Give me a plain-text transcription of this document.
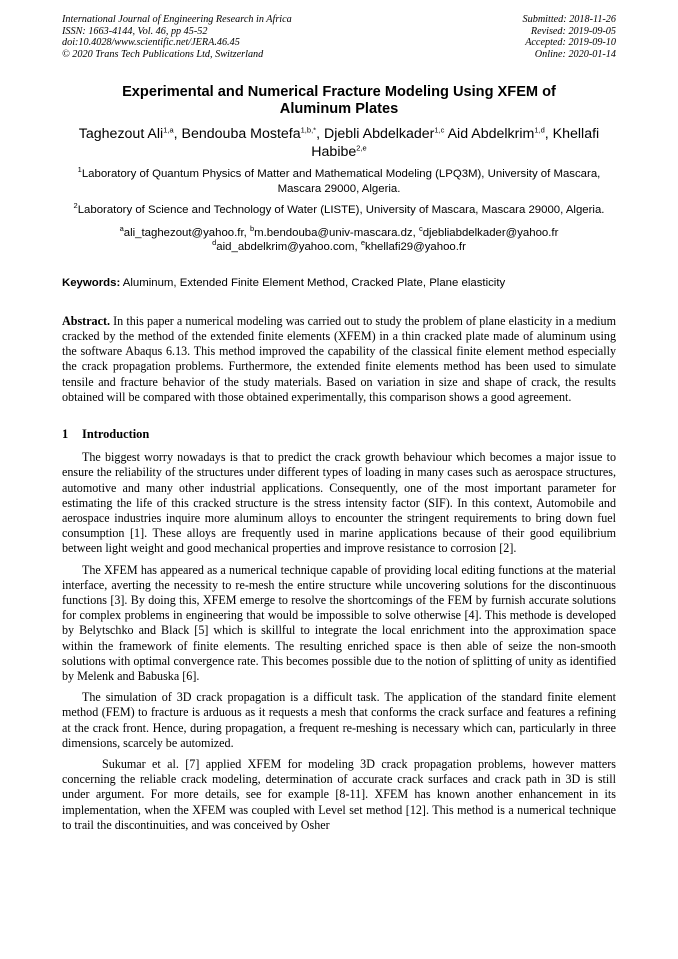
International Journal of Engineering Research in Africa
ISSN: 1663-4144, Vol. 46, pp 45-52
doi:10.4028/www.scientific.net/JERA.46.45
© 2020 Trans Tech Publications Ltd, Switzerland
Submitted: 2018-11-26
Revised: 2019-09-05
Accepted: 2019-09-10
Online: 2020-01-14
Experimental and Numerical Fracture Modeling Using XFEM of Aluminum Plates
Taghezout Ali$^{1,a}$, Bendouba Mostefa$^{1,b,*}$, Djebli Abdelkader$^{1,c}$ Aid Abdelkrim$^{1,d}$, Khellafi Habibe$^{2,e}$
$^1$Laboratory of Quantum Physics of Matter and Mathematical Modeling (LPQ3M), University of Mascara, Mascara 29000, Algeria.
$^2$Laboratory of Science and Technology of Water (LISTE), University of Mascara, Mascara 29000, Algeria.
$^a$ali_taghezout@yahoo.fr, $^b$m.bendouba@univ-mascara.dz, $^c$djebliabdelkader@yahoo.fr
$^d$aid_abdelkrim@yahoo.com, $^e$khellafi29@yahoo.fr
Keywords: Aluminum, Extended Finite Element Method, Cracked Plate, Plane elasticity
Abstract. In this paper a numerical modeling was carried out to study the problem of plane elasticity in a medium cracked by the method of the extended finite elements (XFEM) in a thin cracked plate made of aluminum using the software Abaqus 6.13. This method improved the capability of the classical finite element method especially the crack propagation problems. Furthermore, the extended finite elements method has been used to simulate tensile and fracture behavior of the study materials. Based on variation in size and shape of crack, the results obtained will be compared with those obtained experimentally, this comparison shows a good agreement.
1 Introduction
The biggest worry nowadays is that to predict the crack growth behaviour which becomes a major issue to ensure the reliability of the structures under different types of loading in many cases such as aerospace structures, automotive and many other industrial applications. Consequently, one of the most important parameter for estimating the life of this cracked structure is the stress intensity factor (SIF). In this context, Automobile and aerospace industries inquire more aluminum alloys to encounter the stringent requirements to bring down fuel consumption [1]. These alloys are frequently used in marine applications because of their good equilibrium between light weight and good mechanical properties and improve resistance to corrosion [2].
The XFEM has appeared as a numerical technique capable of providing local editing functions at the material interface, averting the necessity to re-mesh the entire structure while uncovering solutions for the discontinuous functions [3]. By doing this, XFEM emerge to resolve the shortcomings of the FEM by furnish accurate solutions for complex problems in engineering that would be impossible to solve otherwise [4]. This methode is developed by Belytschko and Black [5] which is skillful to integrate the local enrichment into the approximation space within the framework of finite elements. The resulting enriched space is then able of seize the non-smooth solutions with optimal convergence rate. This becomes possible due to the notion of splitting of unity as identified by Melenk and Babuska [6].
The simulation of 3D crack propagation is a difficult task. The application of the standard finite element method (FEM) to fracture is arduous as it requests a mesh that conforms the crack surface and features a refining at the crack front. Hence, during propagation, a frequent re-meshing is necessary which can, particularly in three dimensions, scarcely be automized.
Sukumar et al. [7] applied XFEM for modeling 3D crack propagation problems, however matters concerning the reliable crack modeling, determination of accurate crack surfaces and crack path in 3D is still under argument. For more details, see for example [8-11]. XFEM has known another enhancement in its implementation, when the XFEM was coupled with Level set method [12]. This method is a numerical technique to trail the discontinuities, and was conceived by Osher
